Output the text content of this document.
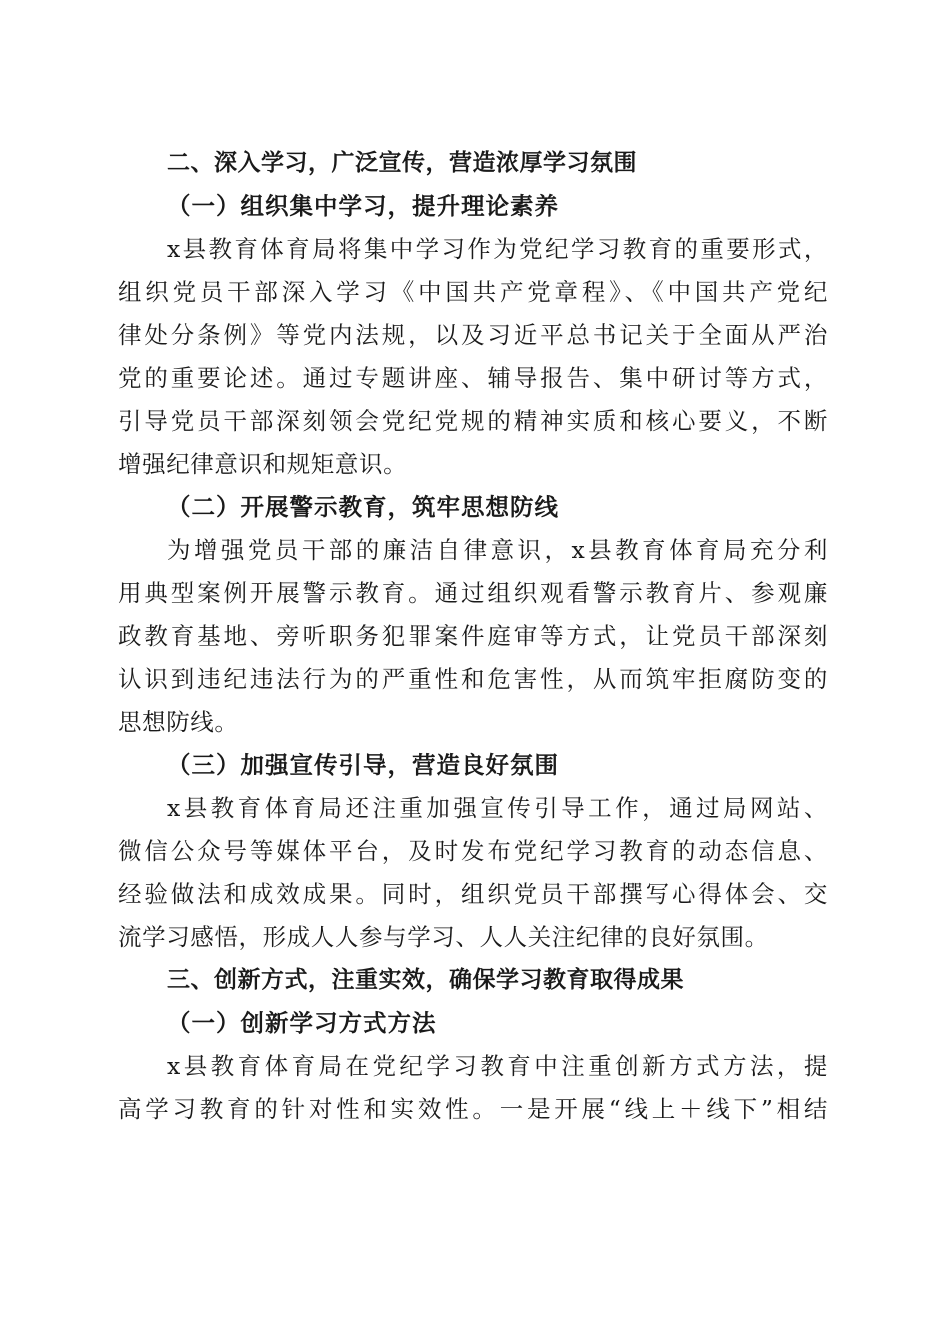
二、深入学习，广泛宣传，营造浓厚学习氛围
（一）组织集中学习，提升理论素养
x县教育体育局将集中学习作为党纪学习教育的重要形式，
组织党员干部深入学习《中国共产党章程》、《中国共产党纪
律处分条例》等党内法规，以及习近平总书记关于全面从严治
党的重要论述。通过专题讲座、辅导报告、集中研讨等方式，
引导党员干部深刻领会党纪党规的精神实质和核心要义，不断
增强纪律意识和规矩意识。
（二）开展警示教育，筑牢思想防线
为增强党员干部的廉洁自律意识，x县教育体育局充分利
用典型案例开展警示教育。通过组织观看警示教育片、参观廉
政教育基地、旁听职务犯罪案件庭审等方式，让党员干部深刻
认识到违纪违法行为的严重性和危害性，从而筑牢拒腐防变的
思想防线。
（三）加强宣传引导，营造良好氛围
x县教育体育局还注重加强宣传引导工作，通过局网站、
微信公众号等媒体平台，及时发布党纪学习教育的动态信息、
经验做法和成效成果。同时，组织党员干部撰写心得体会、交
流学习感悟，形成人人参与学习、人人关注纪律的良好氛围。
三、创新方式，注重实效，确保学习教育取得成果
（一）创新学习方式方法
x县教育体育局在党纪学习教育中注重创新方式方法，提
高学习教育的针对性和实效性。一是开展“线上＋线下”相结
